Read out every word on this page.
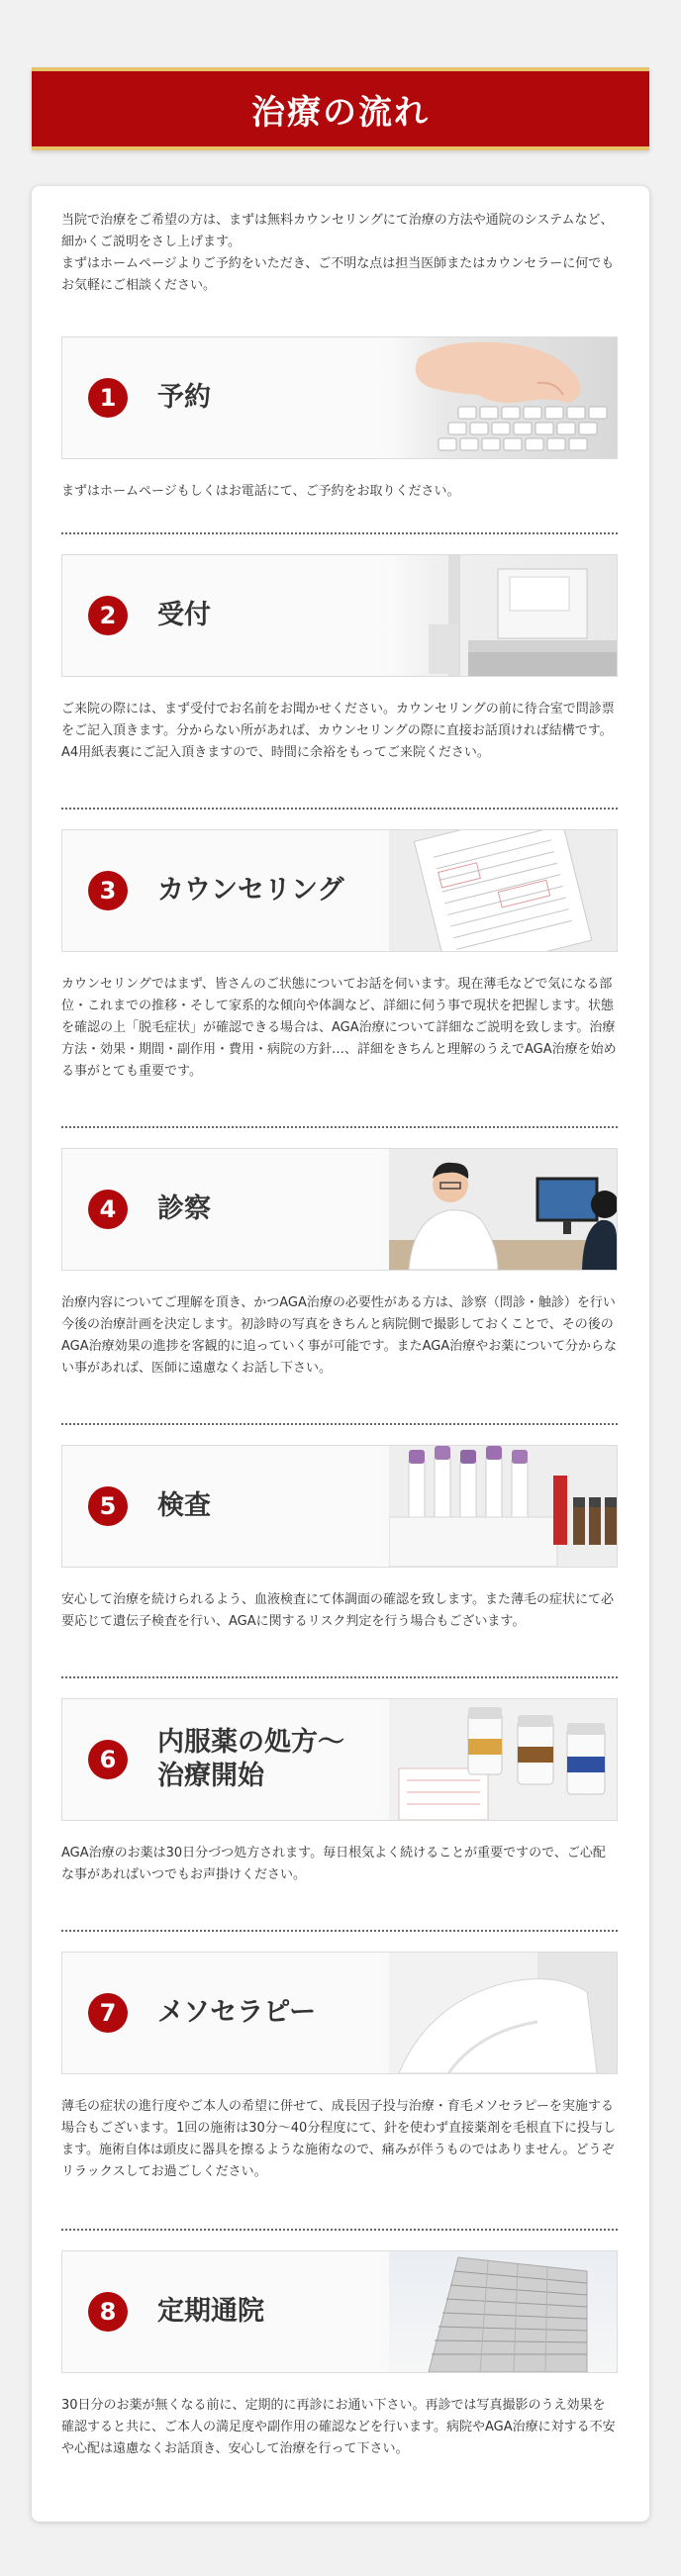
治療の流れ

当院で治療をご希望の方は、まずは無料カウンセリングにて治療の方法や通院のシステムなど、細かくご説明をさし上げます。

まずはホームページよりご予約をいただき、ご不明な点は担当医師またはカウンセラーに何でもお気軽にご相談ください。

1	予約
まずはホームページもしくはお電話にて、ご予約をお取りください。
2	受付
ご来院の際には、まず受付でお名前をお聞かせください。カウンセリングの前に待合室で問診票をご記入頂きます。分からない所があれば、カウンセリングの際に直接お話頂ければ結構です。A4用紙表裏にご記入頂きますので、時間に余裕をもってご来院ください。
3	カウンセリング
カウンセリングではまず、皆さんのご状態についてお話を伺います。現在薄毛などで気になる部位・これまでの推移・そして家系的な傾向や体調など、詳細に伺う事で現状を把握します。状態を確認の上「脱毛症状」が確認できる場合は、AGA治療について詳細なご説明を致します。治療方法・効果・期間・副作用・費用・病院の方針…、詳細をきちんと理解のうえでAGA治療を始める事がとても重要です。
4	診察
治療内容についてご理解を頂き、かつAGA治療の必要性がある方は、診察（問診・触診）を行い今後の治療計画を決定します。初診時の写真をきちんと病院側で撮影しておくことで、その後のAGA治療効果の進捗を客観的に追っていく事が可能です。またAGA治療やお薬について分からない事があれば、医師に遠慮なくお話し下さい。
5	検査
安心して治療を続けられるよう、血液検査にて体調面の確認を致します。また薄毛の症状にて必要応じて遺伝子検査を行い、AGAに関するリスク判定を行う場合もございます。
6
内服薬の処方～
治療開始
AGA治療のお薬は30日分づつ処方されます。毎日根気よく続けることが重要ですので、ご心配な事があればいつでもお声掛けください。
7	メソセラピー
薄毛の症状の進行度やご本人の希望に併せて、成長因子投与治療・育毛メソセラピーを実施する場合もございます。1回の施術は30分～40分程度にて、針を使わず直接薬剤を毛根直下に投与します。施術自体は頭皮に器具を擦るような施術なので、痛みが伴うものではありません。どうぞリラックスしてお過ごしください。
8	定期通院
30日分のお薬が無くなる前に、定期的に再診にお通い下さい。再診では写真撮影のうえ効果を確認すると共に、ご本人の満足度や副作用の確認などを行います。病院やAGA治療に対する不安や心配は遠慮なくお話頂き、安心して治療を行って下さい。
